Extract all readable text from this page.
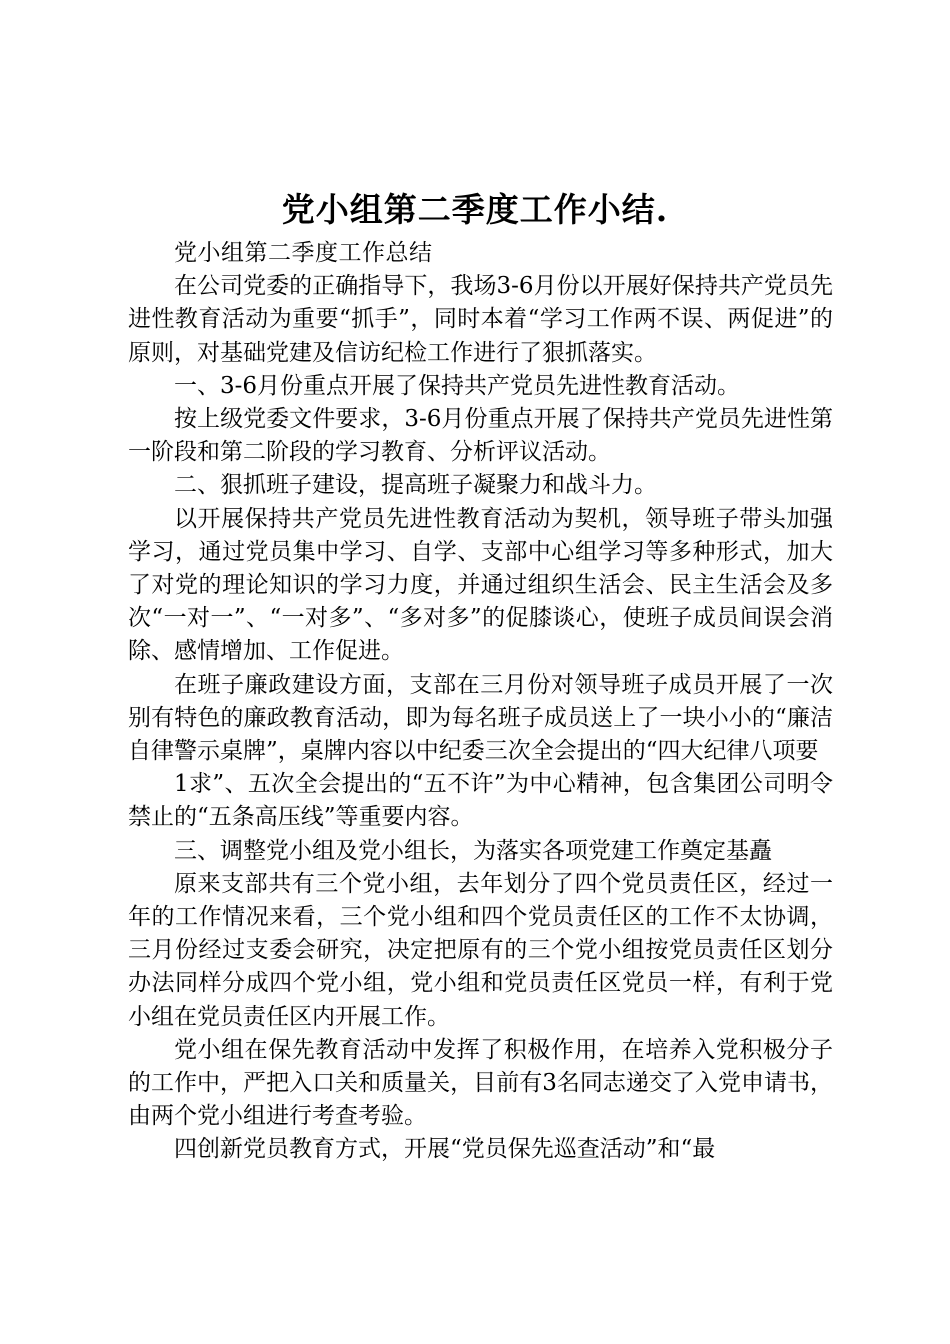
党小组第二季度工作小结.

党小组第二季度工作总结

在公司党委的正确指导下，我场3-6月份以开展好保持共产党员先进性教育活动为重要“抓手”，同时本着“学习工作两不误、两促进”的原则，对基础党建及信访纪检工作进行了狠抓落实。

一、3-6月份重点开展了保持共产党员先进性教育活动。

按上级党委文件要求，3-6月份重点开展了保持共产党员先进性第一阶段和第二阶段的学习教育、分析评议活动。

二、狠抓班子建设，提高班子凝聚力和战斗力。

以开展保持共产党员先进性教育活动为契机，领导班子带头加强学习，通过党员集中学习、自学、支部中心组学习等多种形式，加大了对党的理论知识的学习力度，并通过组织生活会、民主生活会及多次“一对一”、“一对多”、“多对多”的促膝谈心，使班子成员间误会消除、感情增加、工作促进。

在班子廉政建设方面，支部在三月份对领导班子成员开展了一次别有特色的廉政教育活动，即为每名班子成员送上了一块小小的“廉洁自律警示桌牌”，桌牌内容以中纪委三次全会提出的“四大纪律八项要

1求”、五次全会提出的“五不许”为中心精神，包含集团公司明令禁止的“五条高压线”等重要内容。

三、调整党小组及党小组长，为落实各项党建工作奠定基矗

原来支部共有三个党小组，去年划分了四个党员责任区，经过一年的工作情况来看，三个党小组和四个党员责任区的工作不太协调，三月份经过支委会研究，决定把原有的三个党小组按党员责任区划分办法同样分成四个党小组，党小组和党员责任区党员一样，有利于党小组在党员责任区内开展工作。

党小组在保先教育活动中发挥了积极作用，在培养入党积极分子的工作中，严把入口关和质量关，目前有3名同志递交了入党申请书，由两个党小组进行考查考验。

四创新党员教育方式，开展“党员保先巡查活动”和“最
